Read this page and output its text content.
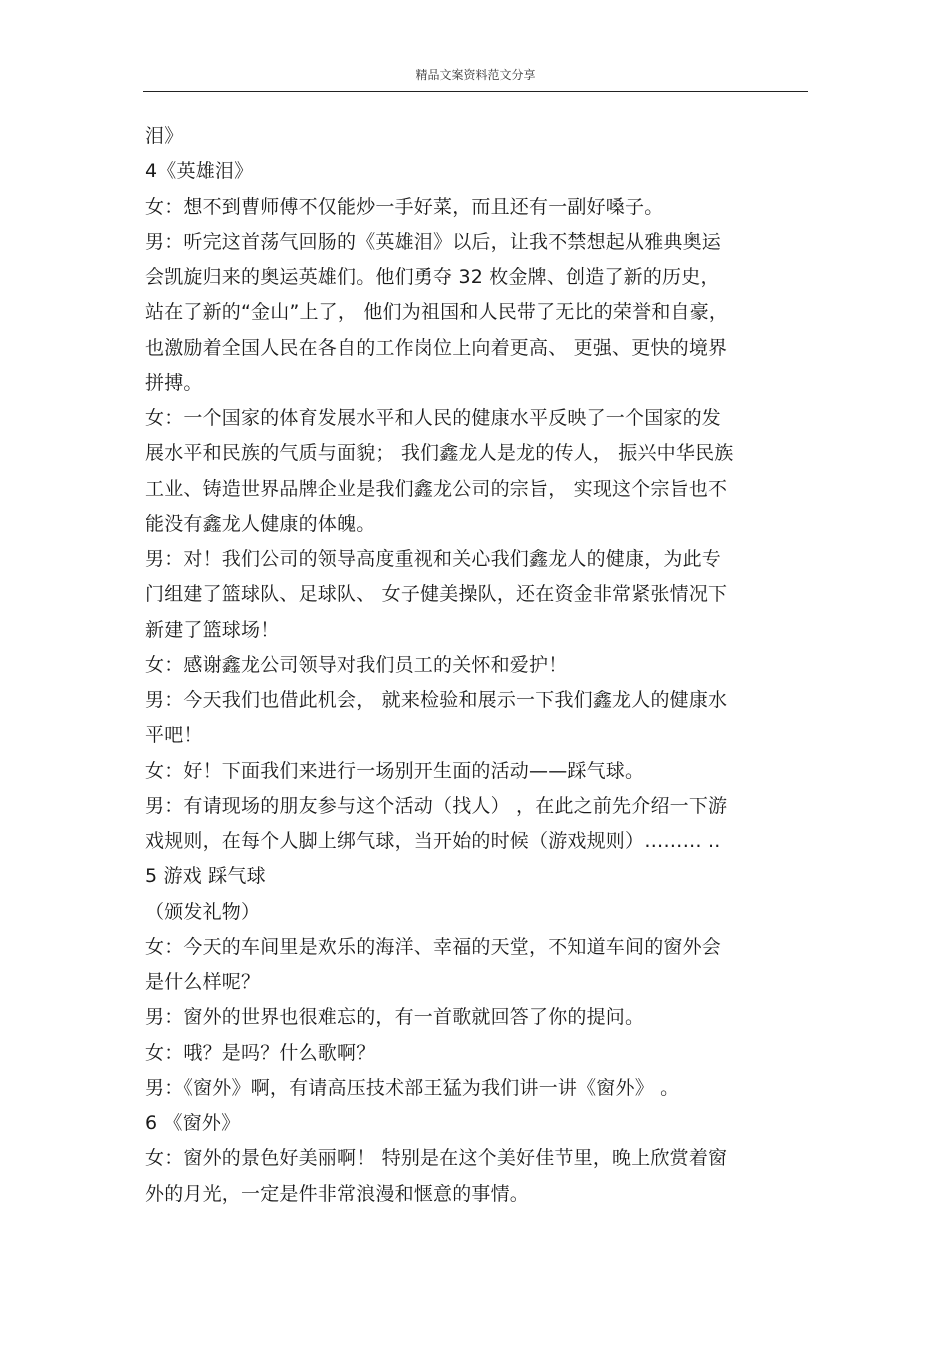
精品文案资料范文分享
泪》
4《英雄泪》
女：想不到曹师傅不仅能炒一手好菜，而且还有一副好嗓子。
男：听完这首荡气回肠的《英雄泪》以后，让我不禁想起从雅典奥运
会凯旋归来的奥运英雄们。他们勇夺 32 枚金牌、创造了新的历史，
站在了新的“金山”上了， 他们为祖国和人民带了无比的荣誉和自豪，
也激励着全国人民在各自的工作岗位上向着更高、 更强、更快的境界
拼搏。
女：一个国家的体育发展水平和人民的健康水平反映了一个国家的发
展水平和民族的气质与面貌； 我们鑫龙人是龙的传人， 振兴中华民族
工业、铸造世界品牌企业是我们鑫龙公司的宗旨， 实现这个宗旨也不
能没有鑫龙人健康的体魄。
男：对！我们公司的领导高度重视和关心我们鑫龙人的健康，为此专
门组建了篮球队、足球队、 女子健美操队，还在资金非常紧张情况下
新建了篮球场！
女：感谢鑫龙公司领导对我们员工的关怀和爱护！
男：今天我们也借此机会， 就来检验和展示一下我们鑫龙人的健康水
平吧！
女：好！下面我们来进行一场别开生面的活动——踩气球。
男：有请现场的朋友参与这个活动（找人） ，在此之前先介绍一下游
戏规则，在每个人脚上绑气球，当开始的时候（游戏规则）……… ..
5 游戏 踩气球
（颁发礼物）
女：今天的车间里是欢乐的海洋、幸福的天堂，不知道车间的窗外会
是什么样呢？
男：窗外的世界也很难忘的，有一首歌就回答了你的提问。
女：哦？是吗？什么歌啊？
男：《窗外》啊，有请高压技术部王猛为我们讲一讲《窗外》 。
6 《窗外》
女：窗外的景色好美丽啊！ 特别是在这个美好佳节里，晚上欣赏着窗
外的月光，一定是件非常浪漫和惬意的事情。
